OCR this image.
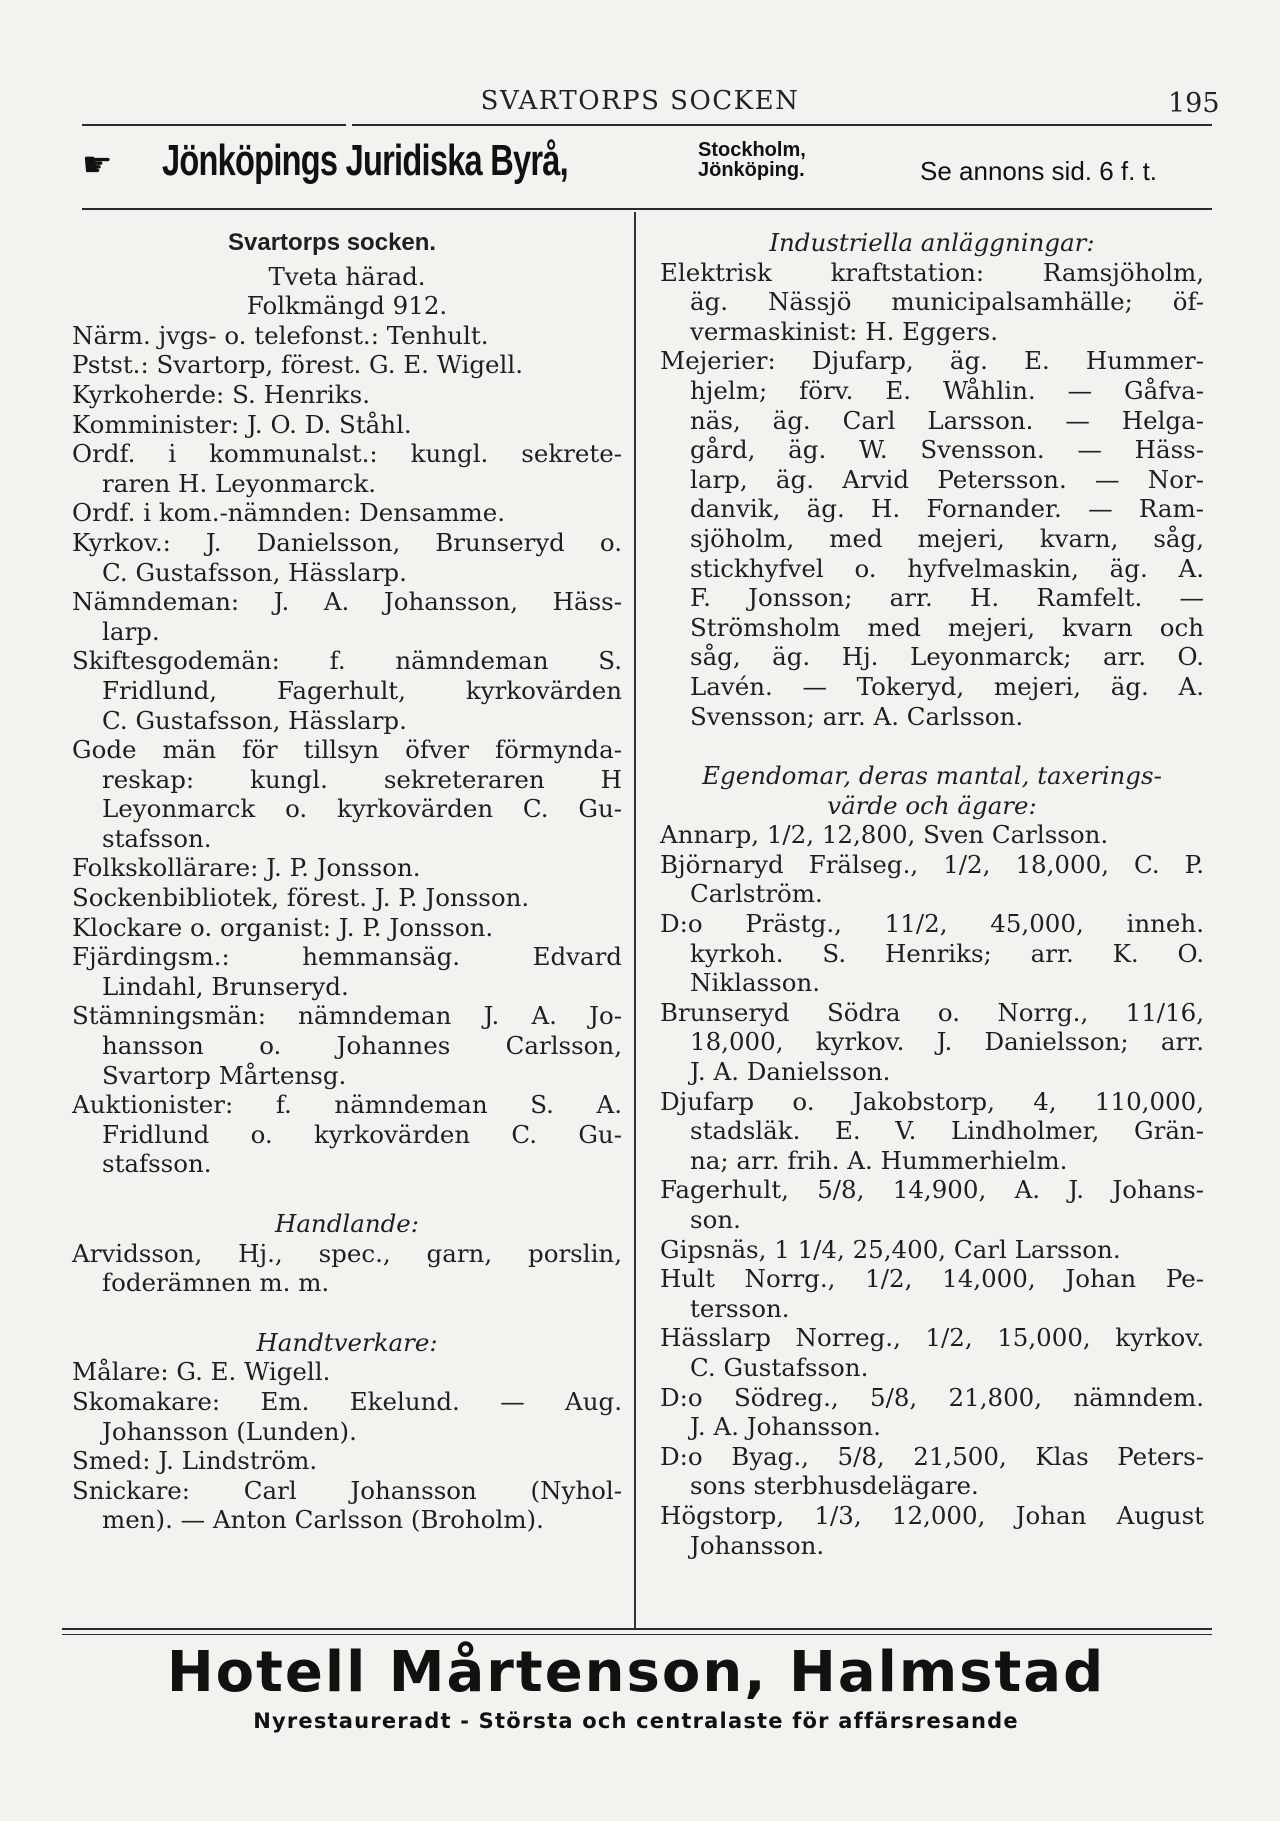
SVARTORPS SOCKEN	195
☛ Jönköpings Juridiska Byrå,	Stockholm,
Jönköping.	Se annons sid. 6 f. t.
Svartorps socken.
Tveta härad.
Folkmängd 912.
Närm. jvgs- o. telefonst.: Tenhult.
Pstst.: Svartorp, förest. G. E. Wigell.
Kyrkoherde: S. Henriks.
Komminister: J. O. D. Ståhl.
Ordf. i kommunalst.: kungl. sekrete-
raren H. Leyonmarck.
Ordf. i kom.-nämnden: Densamme.
Kyrkov.: J. Danielsson, Brunseryd o.
C. Gustafsson, Hässlarp.
Nämndeman: J. A. Johansson, Häss-
larp.
Skiftesgodemän: f. nämndeman S.
Fridlund, Fagerhult, kyrkovärden
C. Gustafsson, Hässlarp.
Gode män för tillsyn öfver förmynda-
reskap: kungl. sekreteraren H
Leyonmarck o. kyrkovärden C. Gu-
stafsson.
Folkskollärare: J. P. Jonsson.
Sockenbibliotek, förest. J. P. Jonsson.
Klockare o. organist: J. P. Jonsson.
Fjärdingsm.: hemmansäg. Edvard
Lindahl, Brunseryd.
Stämningsmän: nämndeman J. A. Jo-
hansson o. Johannes Carlsson,
Svartorp Mårtensg.
Auktionister: f. nämndeman S. A.
Fridlund o. kyrkovärden C. Gu-
stafsson.
Handlande:
Arvidsson, Hj., spec., garn, porslin,
foderämnen m. m.
Handtverkare:
Målare: G. E. Wigell.
Skomakare: Em. Ekelund. — Aug.
Johansson (Lunden).
Smed: J. Lindström.
Snickare: Carl Johansson (Nyhol-
men). — Anton Carlsson (Broholm).
Industriella anläggningar:
Elektrisk kraftstation: Ramsjöholm,
äg. Nässjö municipalsamhälle; öf-
vermaskinist: H. Eggers.
Mejerier: Djufarp, äg. E. Hummer-
hjelm; förv. E. Wåhlin. — Gåfva-
näs, äg. Carl Larsson. — Helga-
gård, äg. W. Svensson. — Häss-
larp, äg. Arvid Petersson. — Nor-
danvik, äg. H. Fornander. — Ram-
sjöholm, med mejeri, kvarn, såg,
stickhyfvel o. hyfvelmaskin, äg. A.
F. Jonsson; arr. H. Ramfelt. —
Strömsholm med mejeri, kvarn och
såg, äg. Hj. Leyonmarck; arr. O.
Lavén. — Tokeryd, mejeri, äg. A.
Svensson; arr. A. Carlsson.
Egendomar, deras mantal, taxerings-
värde och ägare:
Annarp, 1/2, 12,800, Sven Carlsson.
Björnaryd Frälseg., 1/2, 18,000, C. P.
Carlström.
D:o Prästg., 11/2, 45,000, inneh.
kyrkoh. S. Henriks; arr. K. O.
Niklasson.
Brunseryd Södra o. Norrg., 11/16,
18,000, kyrkov. J. Danielsson; arr.
J. A. Danielsson.
Djufarp o. Jakobstorp, 4, 110,000,
stadsläk. E. V. Lindholmer, Grän-
na; arr. frih. A. Hummerhielm.
Fagerhult, 5/8, 14,900, A. J. Johans-
son.
Gipsnäs, 1 1/4, 25,400, Carl Larsson.
Hult Norrg., 1/2, 14,000, Johan Pe-
tersson.
Hässlarp Norreg., 1/2, 15,000, kyrkov.
C. Gustafsson.
D:o Södreg., 5/8, 21,800, nämndem.
J. A. Johansson.
D:o Byag., 5/8, 21,500, Klas Peters-
sons sterbhusdelägare.
Högstorp, 1/3, 12,000, Johan August
Johansson.
Hotell Mårtenson, Halmstad
Nyrestaureradt - Största och centralaste för affärsresande
